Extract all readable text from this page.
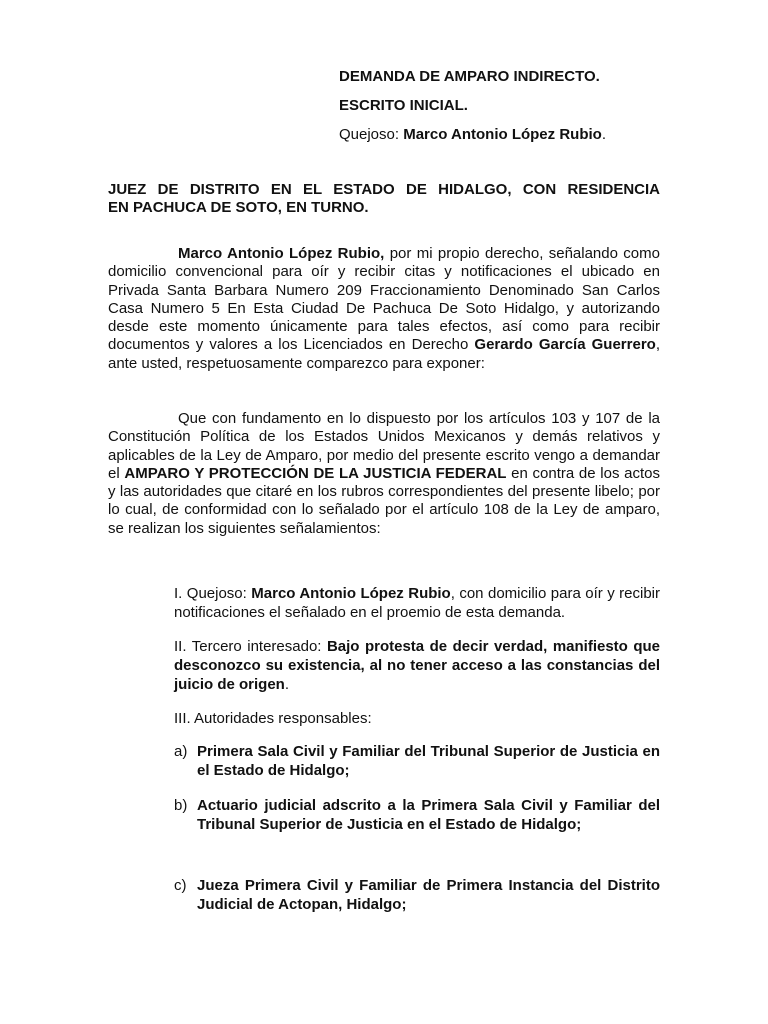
DEMANDA DE AMPARO INDIRECTO.
ESCRITO INICIAL.
Quejoso: Marco Antonio López Rubio.
JUEZ DE DISTRITO EN EL ESTADO DE HIDALGO, CON RESIDENCIA
EN PACHUCA DE SOTO, EN TURNO.
Marco Antonio López Rubio, por mi propio derecho, señalando como domicilio convencional para oír y recibir citas y notificaciones el ubicado en Privada Santa Barbara Numero 209 Fraccionamiento Denominado San Carlos Casa Numero 5 En Esta Ciudad De Pachuca De Soto Hidalgo, y autorizando desde este momento únicamente para tales efectos, así como para recibir documentos y valores a los Licenciados en Derecho Gerardo García Guerrero, ante usted, respetuosamente comparezco para exponer:
Que con fundamento en lo dispuesto por los artículos 103 y 107 de la Constitución Política de los Estados Unidos Mexicanos y demás relativos y aplicables de la Ley de Amparo, por medio del presente escrito vengo a demandar el AMPARO Y PROTECCIÓN DE LA JUSTICIA FEDERAL en contra de los actos y las autoridades que citaré en los rubros correspondientes del presente libelo; por lo cual, de conformidad con lo señalado por el artículo 108 de la Ley de amparo, se realizan los siguientes señalamientos:
I. Quejoso: Marco Antonio López Rubio, con domicilio para oír y recibir notificaciones el señalado en el proemio de esta demanda.
II. Tercero interesado: Bajo protesta de decir verdad, manifiesto que desconozco su existencia, al no tener acceso a las constancias del juicio de origen.
III. Autoridades responsables:
a) Primera Sala Civil y Familiar del Tribunal Superior de Justicia en el Estado de Hidalgo;
b) Actuario judicial adscrito a la Primera Sala Civil y Familiar del Tribunal Superior de Justicia en el Estado de Hidalgo;
c) Jueza Primera Civil y Familiar de Primera Instancia del Distrito Judicial de Actopan, Hidalgo;
